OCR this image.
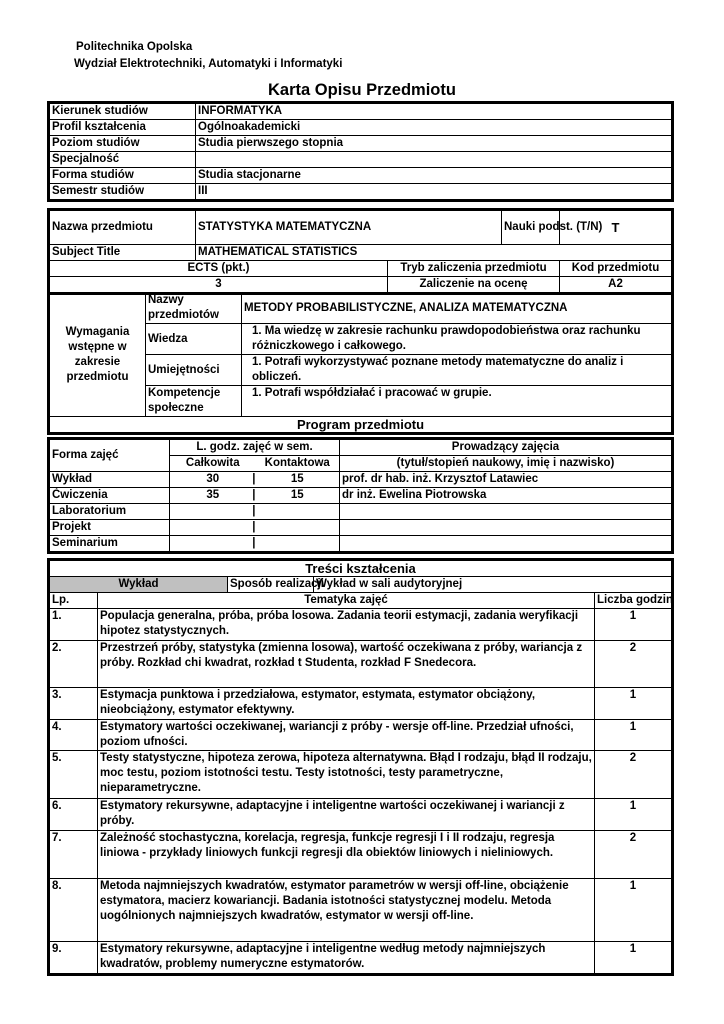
Politechnika Opolska
Wydział Elektrotechniki, Automatyki i Informatyki
Karta Opisu Przedmiotu
Kierunek studiów	INFORMATYKA
Profil kształcenia	Ogólnoakademicki
Poziom studiów	Studia pierwszego stopnia
Specjalność	
Forma studiów	Studia stacjonarne
Semestr studiów	III
Nazwa przedmiotu	STATYSTYKA MATEMATYCZNA		Nauki podst. (T/N)	T
Subject Title	MATHEMATICAL STATISTICS			
ECTS (pkt.)		Tryb zaliczenia przedmiotu		Kod przedmiotu
3		Zaliczenie na ocenę		A2
Wymagania wstępne w zakresie przedmiotu	Nazwy przedmiotów	METODY PROBABILISTYCZNE, ANALIZA MATEMATYCZNA
	Wiedza	1. Ma wiedzę w zakresie rachunku prawdopodobieństwa oraz rachunku różniczkowego i całkowego.
	Umiejętności	1. Potrafi wykorzystywać poznane metody matematyczne do analiz i obliczeń.
	Kompetencje społeczne	1. Potrafi współdziałać i pracować w grupie.
Program przedmiotu		
Forma zajęć	L. godz. zajęć w sem.		Prowadzący zajęcia
	Całkowita	Kontaktowa	(tytuł/stopień naukowy, imię i nazwisko)
Wykład	30 |	15	prof. dr hab. inż. Krzysztof Latawiec
Ćwiczenia	35 |	15	dr inż. Ewelina Piotrowska
Laboratorium	|		

Projekt	|		

Seminarium	|		

Treści kształcenia				
Wykład		Sposób realizacji	Wykład w sali audytoryjnej	
Lp.	Tematyka zajęć			Liczba godzin
1.	Populacja generalna, próba, próba losowa. Zadania teorii estymacji, zadania weryfikacji hipotez statystycznych.			1
2.	Przestrzeń próby, statystyka (zmienna losowa), wartość oczekiwana z próby, wariancja z próby. Rozkład chi kwadrat, rozkład t Studenta, rozkład F Snedecora.			2
3.	Estymacja punktowa i przedziałowa, estymator, estymata, estymator obciążony, nieobciążony, estymator efektywny.			1
4.	Estymatory wartości oczekiwanej, wariancji z próby - wersje off-line. Przedział ufności, poziom ufności.			1
5.	Testy statystyczne, hipoteza zerowa, hipoteza alternatywna. Błąd I rodzaju, błąd II rodzaju, moc testu, poziom istotności testu. Testy istotności, testy parametryczne, nieparametryczne.			2
6.	Estymatory rekursywne, adaptacyjne i inteligentne wartości oczekiwanej i wariancji z próby.			1
7.	Zależność stochastyczna, korelacja, regresja, funkcje regresji I i II rodzaju, regresja liniowa - przykłady liniowych funkcji regresji dla obiektów liniowych i nieliniowych.			2
8.	Metoda najmniejszych kwadratów, estymator parametrów w wersji off-line, obciążenie estymatora, macierz kowariancji. Badania istotności statystycznej modelu. Metoda uogólnionych najmniejszych kwadratów, estymator w wersji off-line.			1
9.	Estymatory rekursywne, adaptacyjne i inteligentne według metody najmniejszych kwadratów, problemy numeryczne estymatorów.			1
